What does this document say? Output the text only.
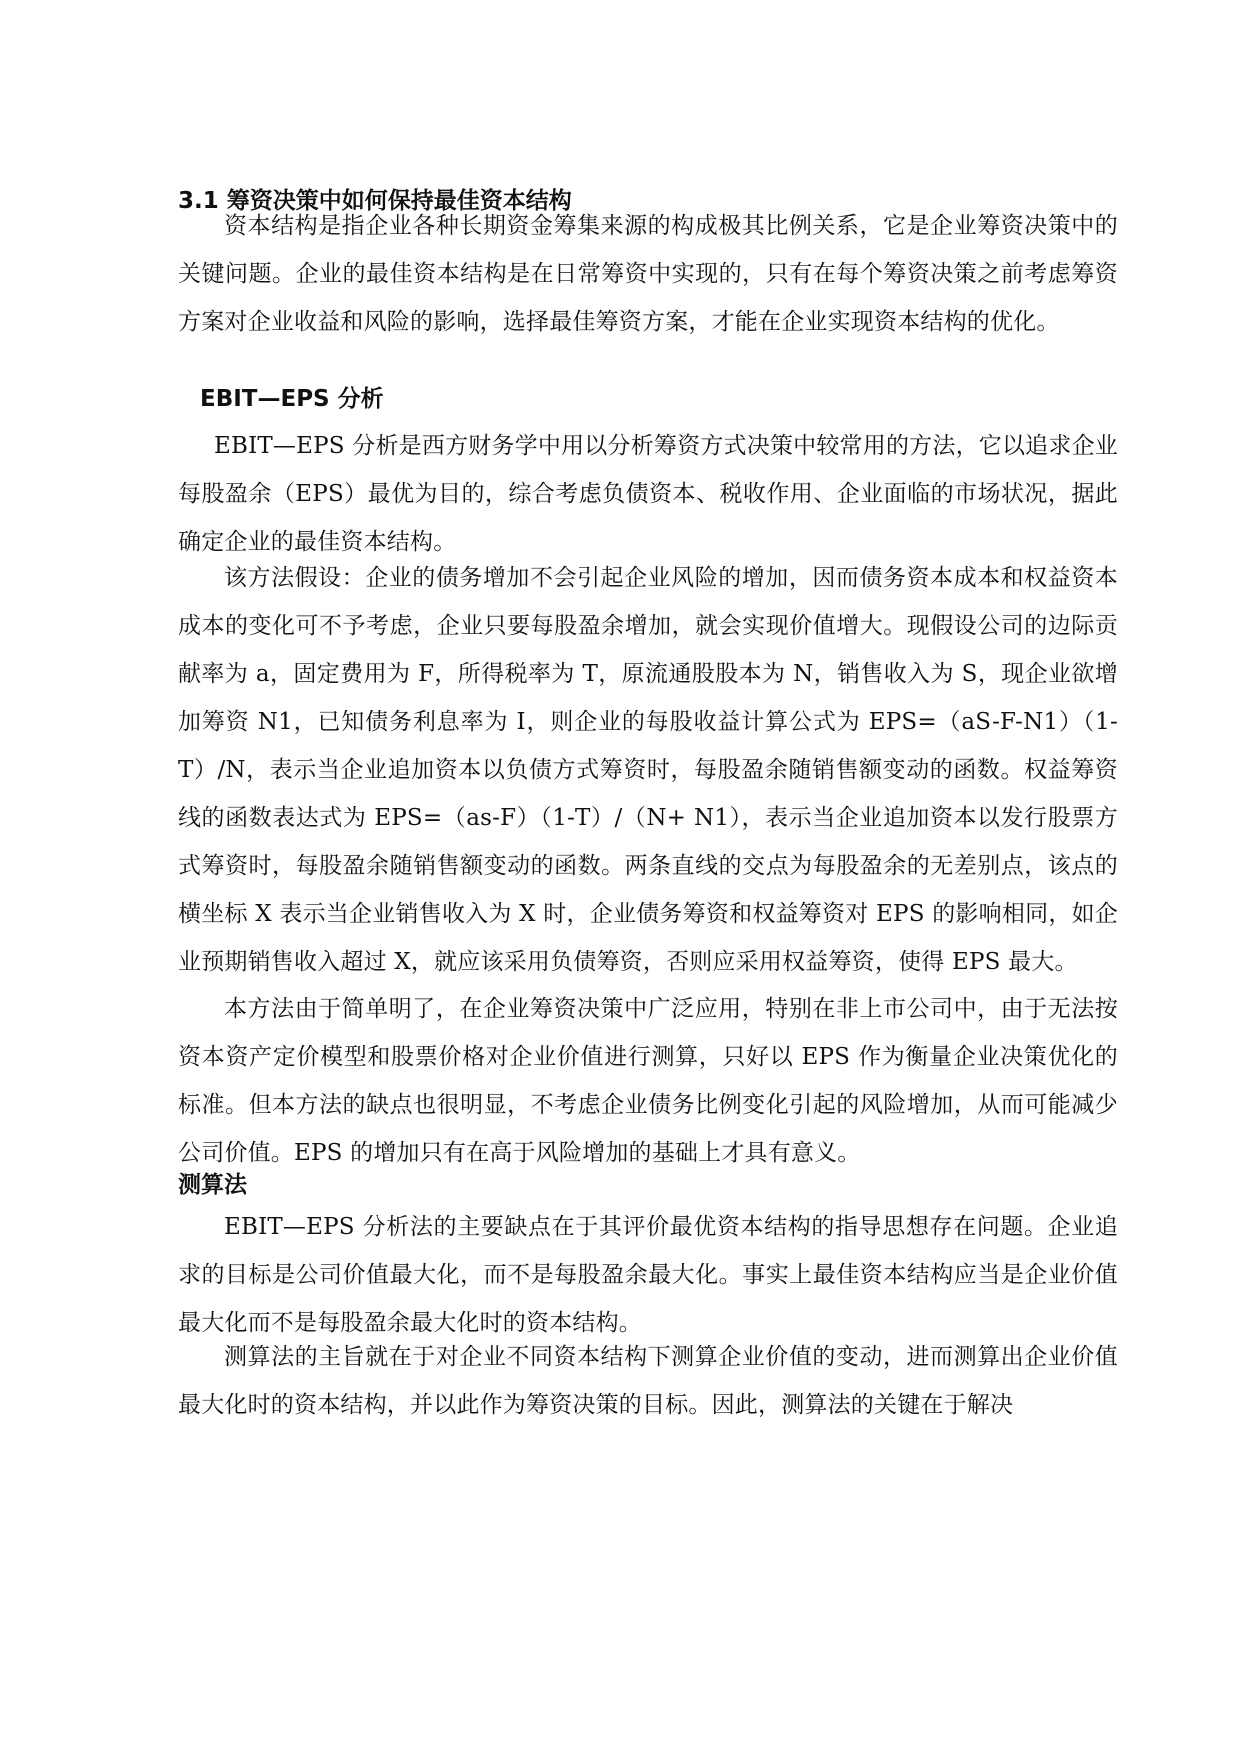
3.1 筹资决策中如何保持最佳资本结构

资本结构是指企业各种长期资金筹集来源的构成极其比例关系，它是企业筹资决策中的关键问题。企业的最佳资本结构是在日常筹资中实现的，只有在每个筹资决策之前考虑筹资方案对企业收益和风险的影响，选择最佳筹资方案，才能在企业实现资本结构的优化。

EBIT—EPS 分析

EBIT—EPS 分析是西方财务学中用以分析筹资方式决策中较常用的方法，它以追求企业每股盈余（EPS）最优为目的，综合考虑负债资本、税收作用、企业面临的市场状况，据此确定企业的最佳资本结构。

该方法假设：企业的债务增加不会引起企业风险的增加，因而债务资本成本和权益资本成本的变化可不予考虑，企业只要每股盈余增加，就会实现价值增大。现假设公司的边际贡献率为 a，固定费用为 F，所得税率为 T，原流通股股本为 N，销售收入为 S，现企业欲增加筹资 N1，已知债务利息率为 I，则企业的每股收益计算公式为 EPS=（aS-F-N1）（1-T）/N，表示当企业追加资本以负债方式筹资时，每股盈余随销售额变动的函数。权益筹资线的函数表达式为 EPS=（as-F）（1-T）/（N+ N1），表示当企业追加资本以发行股票方式筹资时，每股盈余随销售额变动的函数。两条直线的交点为每股盈余的无差别点，该点的横坐标 X 表示当企业销售收入为 X 时，企业债务筹资和权益筹资对 EPS 的影响相同，如企业预期销售收入超过 X，就应该采用负债筹资，否则应采用权益筹资，使得 EPS 最大。

本方法由于简单明了，在企业筹资决策中广泛应用，特别在非上市公司中，由于无法按资本资产定价模型和股票价格对企业价值进行测算，只好以 EPS 作为衡量企业决策优化的标准。但本方法的缺点也很明显，不考虑企业债务比例变化引起的风险增加，从而可能减少公司价值。EPS 的增加只有在高于风险增加的基础上才具有意义。

测算法

EBIT—EPS 分析法的主要缺点在于其评价最优资本结构的指导思想存在问题。企业追求的目标是公司价值最大化，而不是每股盈余最大化。事实上最佳资本结构应当是企业价值最大化而不是每股盈余最大化时的资本结构。

测算法的主旨就在于对企业不同资本结构下测算企业价值的变动，进而测算出企业价值最大化时的资本结构，并以此作为筹资决策的目标。因此，测算法的关键在于解决
